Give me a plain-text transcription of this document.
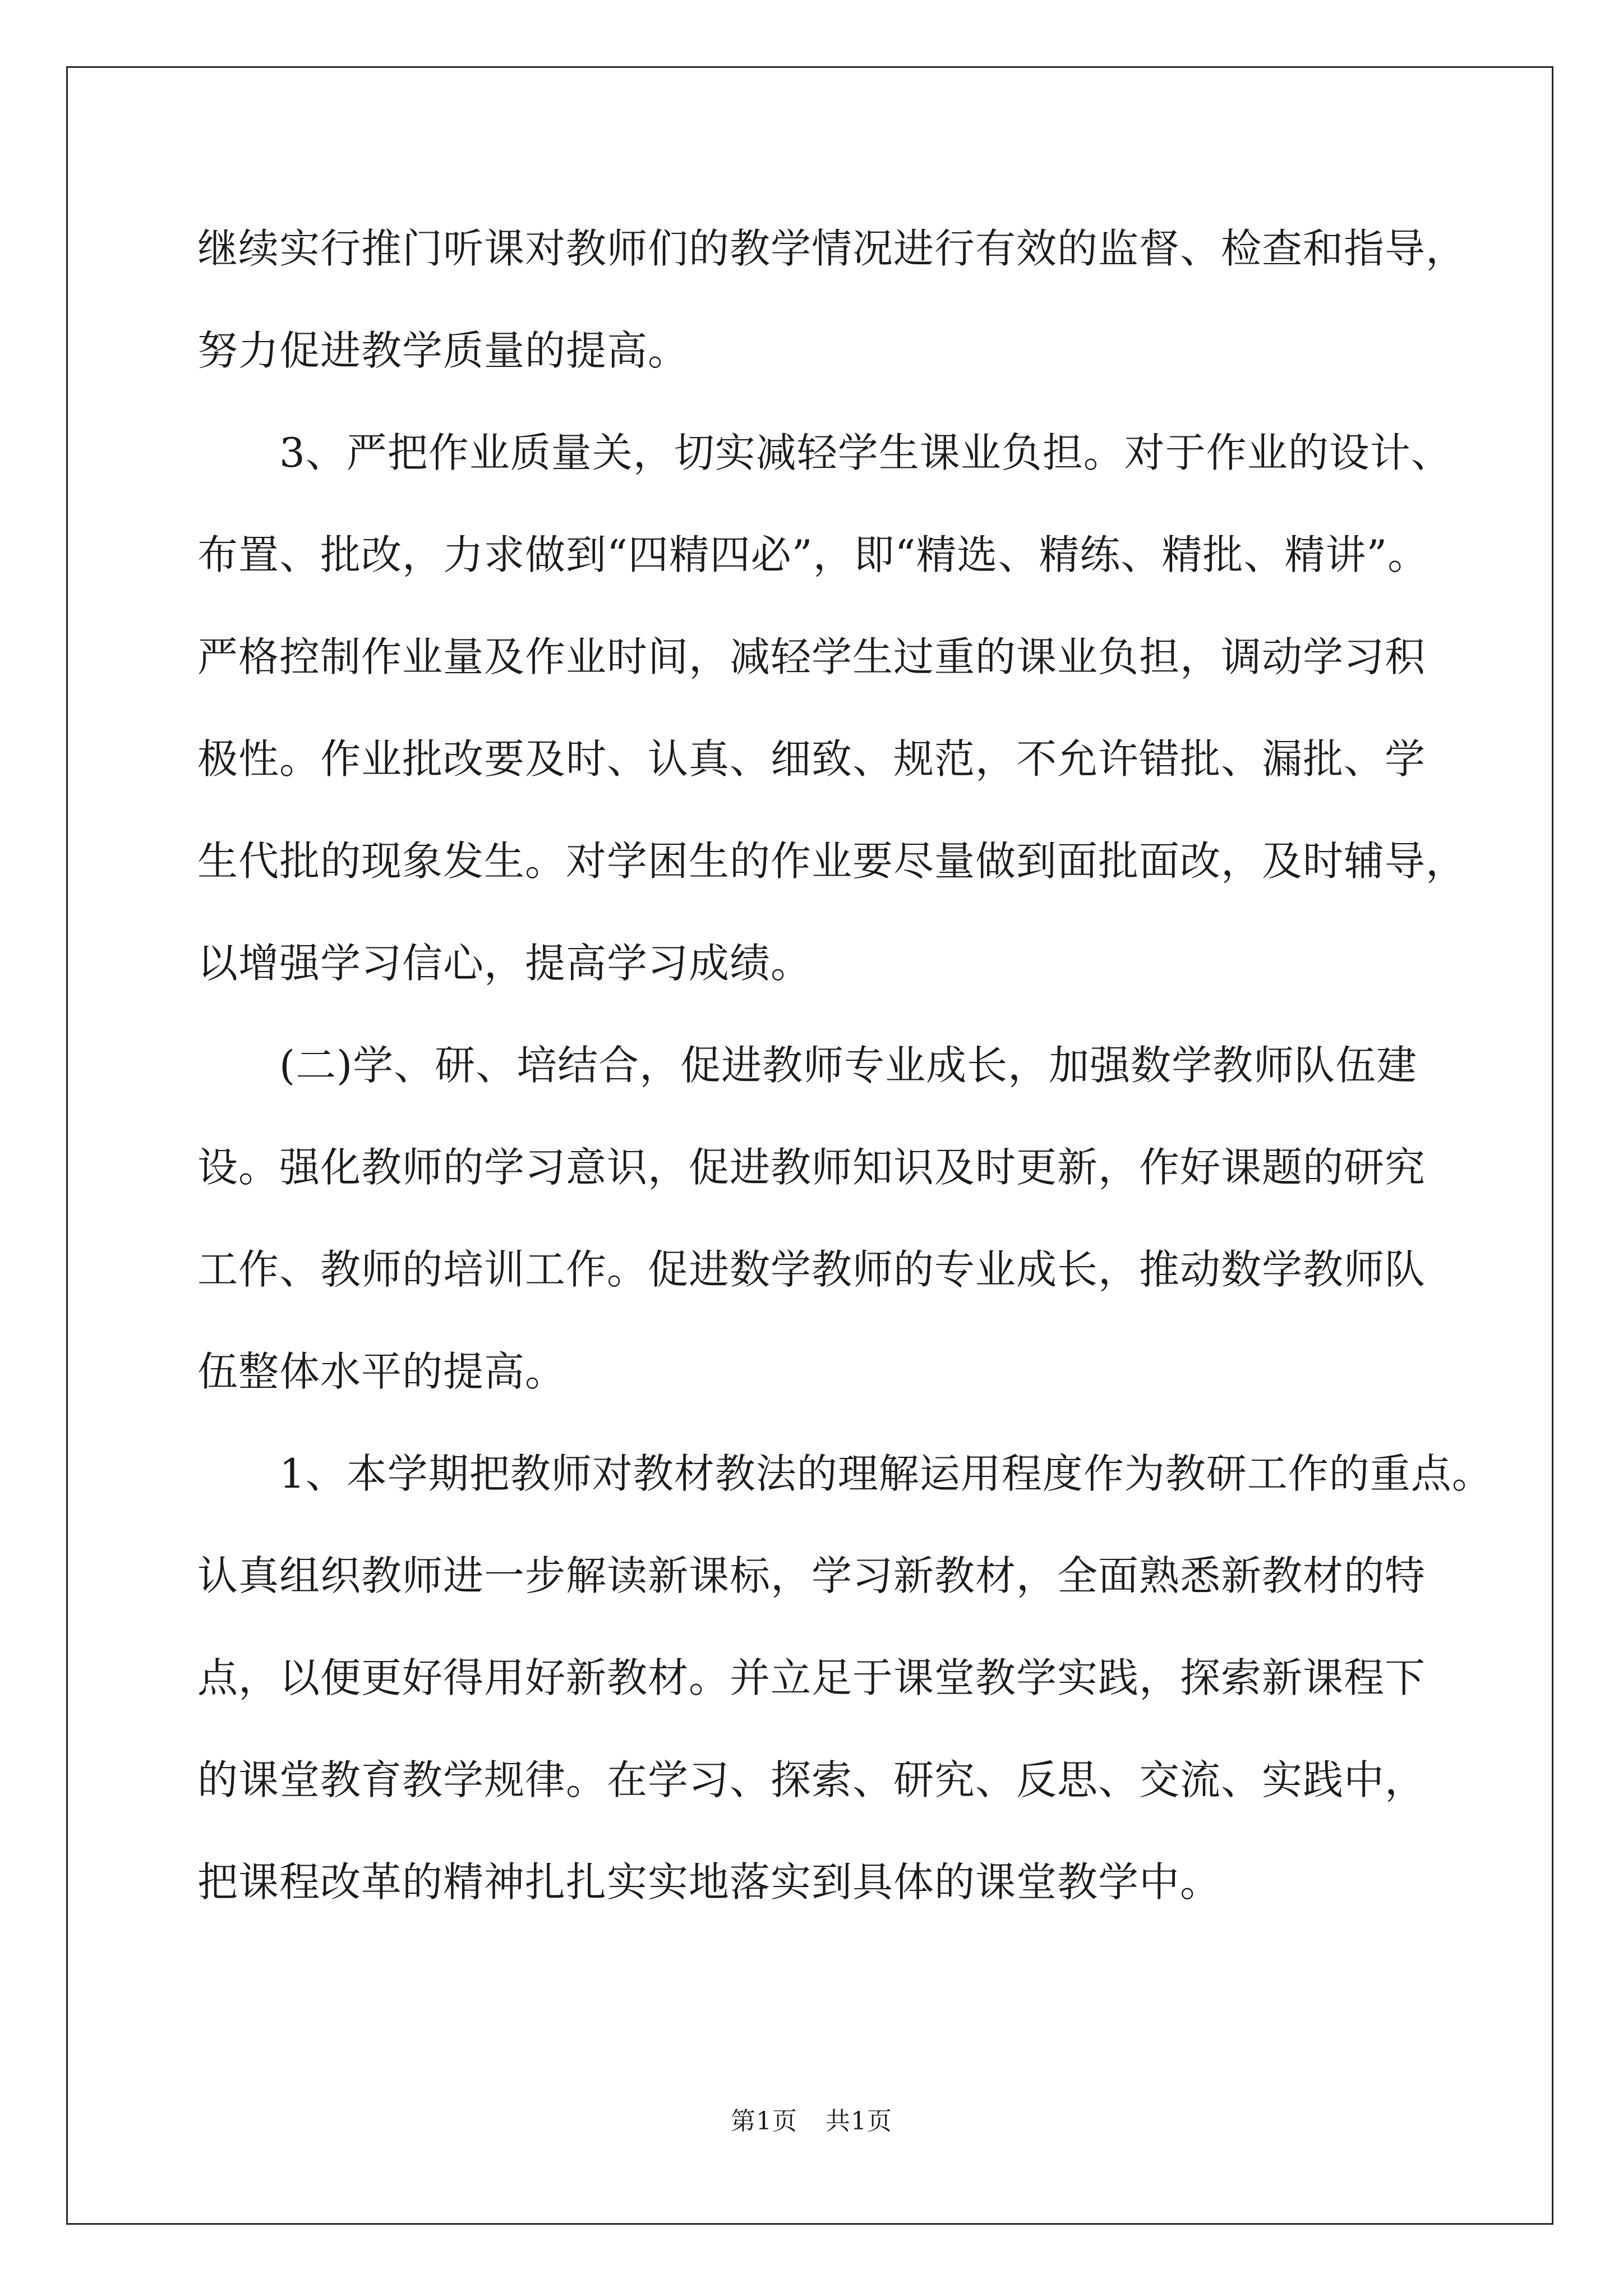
继续实行推门听课对教师们的教学情况进行有效的监督、检查和指导，
努力促进教学质量的提高。
3、严把作业质量关，切实减轻学生课业负担。对于作业的设计、
布置、批改，力求做到“四精四必”，即“精选、精练、精批、精讲”。
严格控制作业量及作业时间，减轻学生过重的课业负担，调动学习积
极性。作业批改要及时、认真、细致、规范，不允许错批、漏批、学
生代批的现象发生。对学困生的作业要尽量做到面批面改，及时辅导，
以增强学习信心，提高学习成绩。
(二)学、研、培结合，促进教师专业成长，加强数学教师队伍建
设。强化教师的学习意识，促进教师知识及时更新，作好课题的研究
工作、教师的培训工作。促进数学教师的专业成长，推动数学教师队
伍整体水平的提高。
1、本学期把教师对教材教法的理解运用程度作为教研工作的重点。
认真组织教师进一步解读新课标，学习新教材，全面熟悉新教材的特
点，以便更好得用好新教材。并立足于课堂教学实践，探索新课程下
的课堂教育教学规律。在学习、探索、研究、反思、交流、实践中，
把课程改革的精神扎扎实实地落实到具体的课堂教学中。
第1页 共1页
